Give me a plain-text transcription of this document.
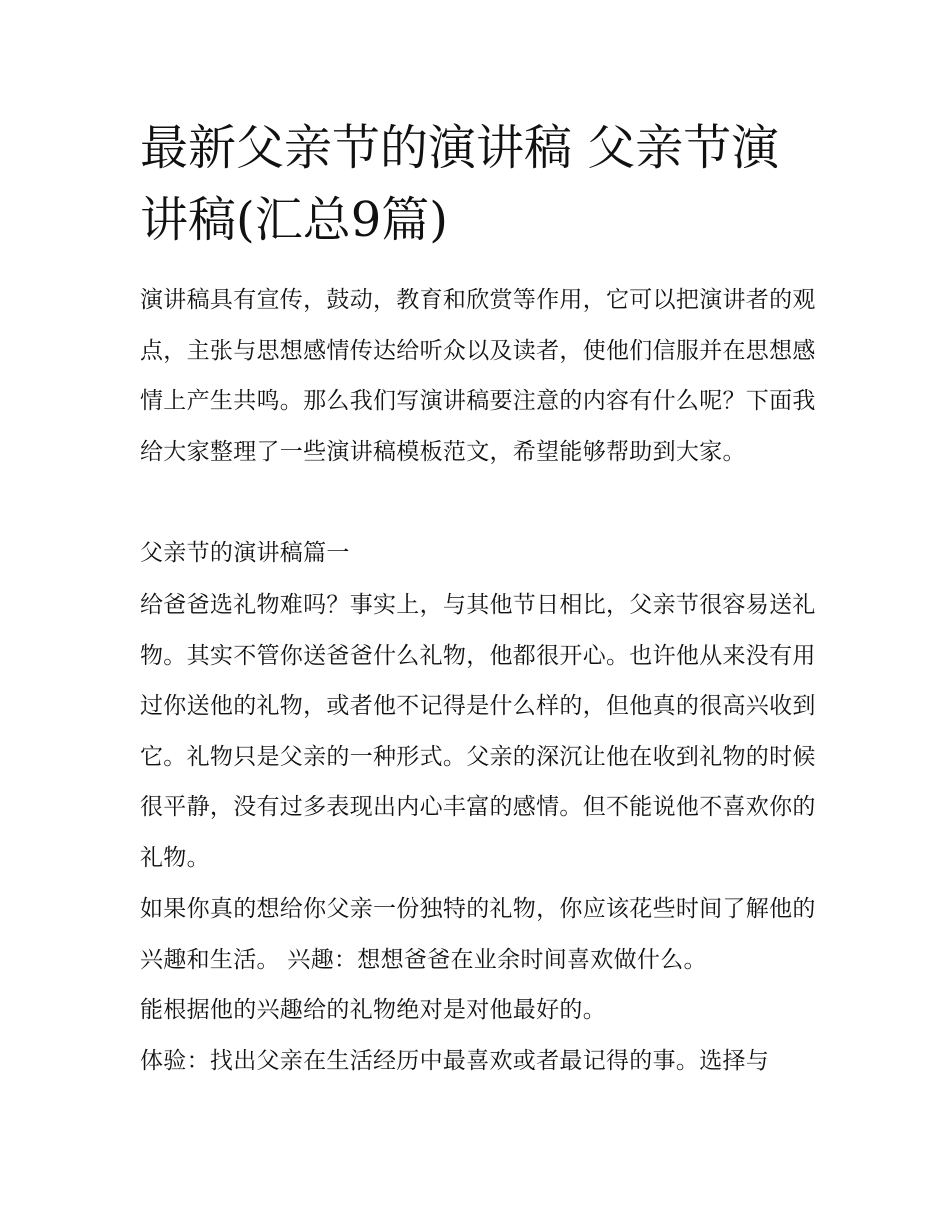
最新父亲节的演讲稿 父亲节演讲稿(汇总9篇)

演讲稿具有宣传，鼓动，教育和欣赏等作用，它可以把演讲者的观点，主张与思想感情传达给听众以及读者，使他们信服并在思想感情上产生共鸣。那么我们写演讲稿要注意的内容有什么呢？下面我给大家整理了一些演讲稿模板范文，希望能够帮助到大家。

父亲节的演讲稿篇一

给爸爸选礼物难吗？事实上，与其他节日相比，父亲节很容易送礼物。其实不管你送爸爸什么礼物，他都很开心。也许他从来没有用过你送他的礼物，或者他不记得是什么样的，但他真的很高兴收到它。礼物只是父亲的一种形式。父亲的深沉让他在收到礼物的时候很平静，没有过多表现出内心丰富的感情。但不能说他不喜欢你的礼物。

如果你真的想给你父亲一份独特的礼物，你应该花些时间了解他的兴趣和生活。 兴趣：想想爸爸在业余时间喜欢做什么。

能根据他的兴趣给的礼物绝对是对他最好的。

体验：找出父亲在生活经历中最喜欢或者最记得的事。选择与
